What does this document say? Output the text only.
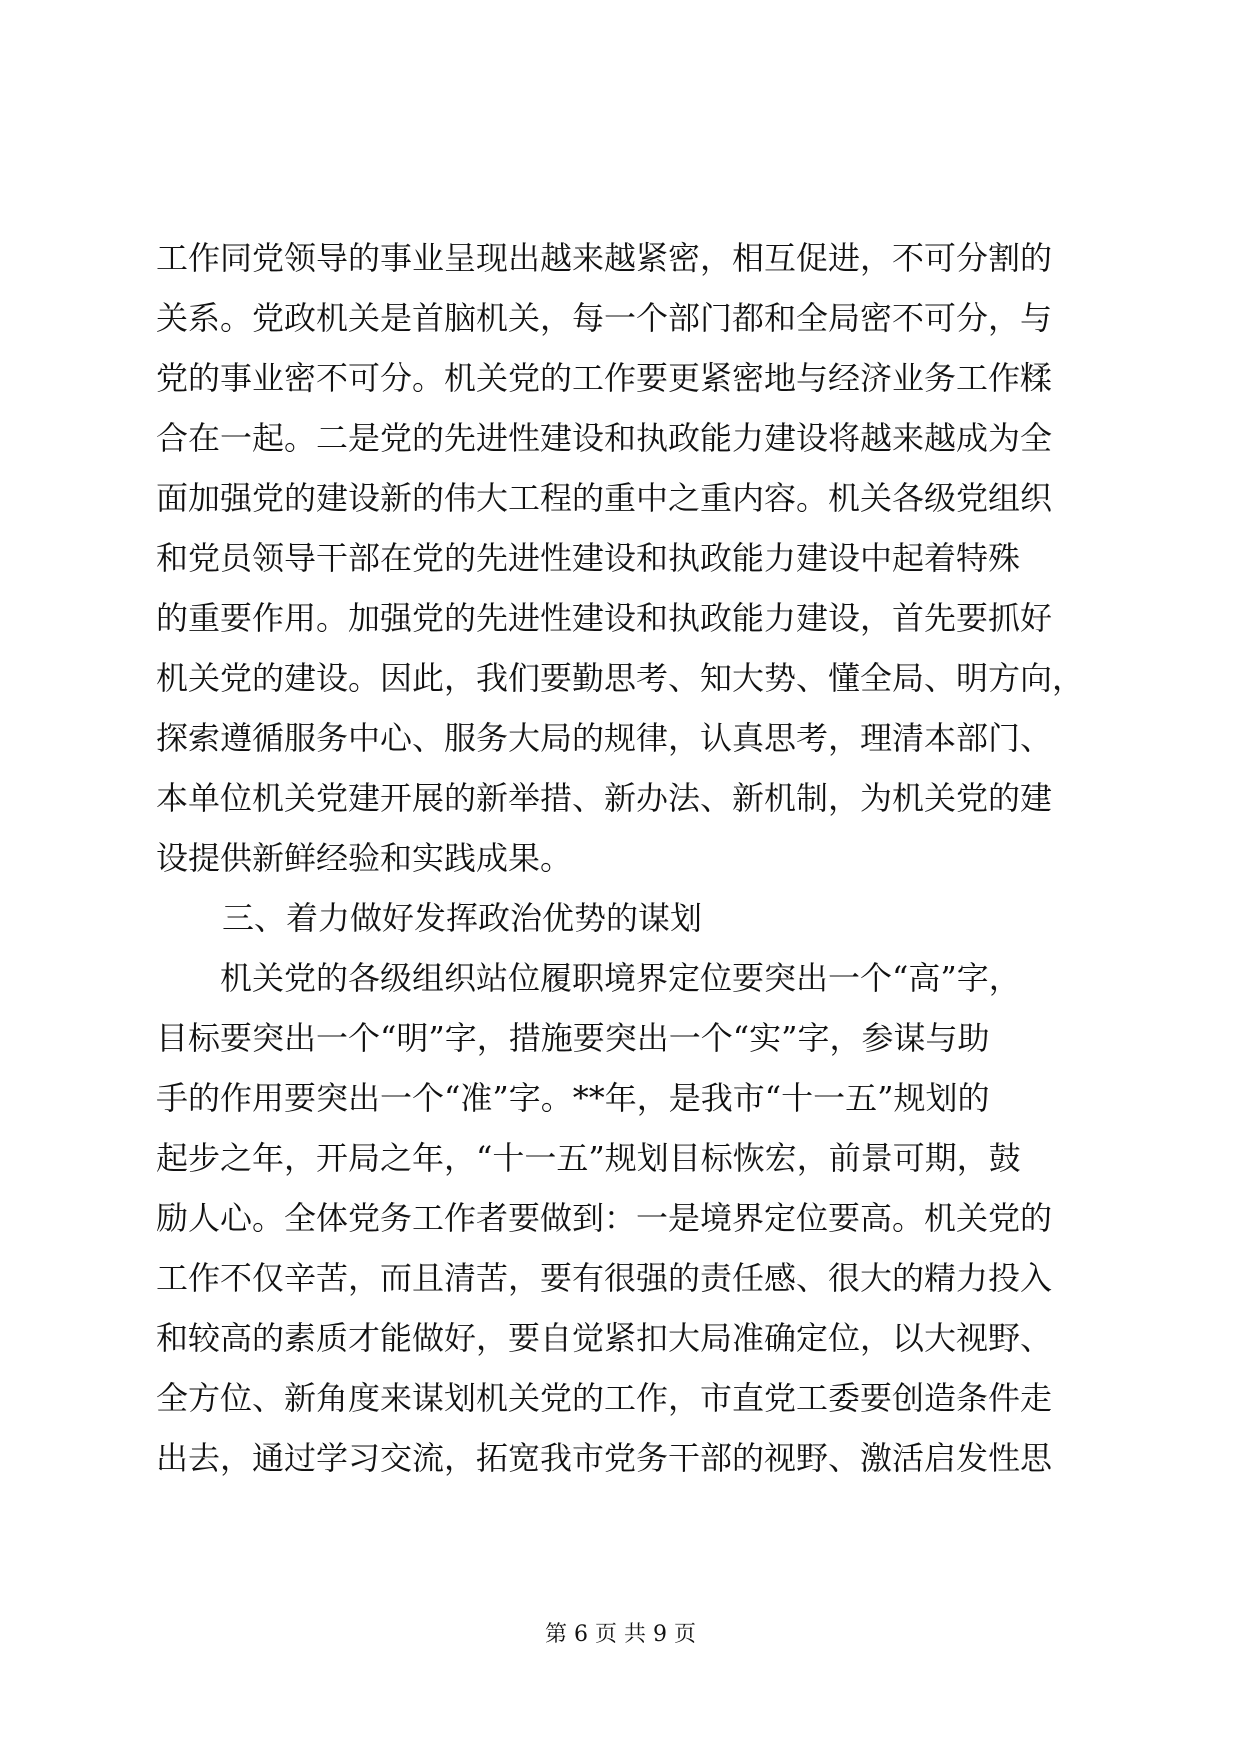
工作同党领导的事业呈现出越来越紧密，相互促进，不可分割的
关系。党政机关是首脑机关，每一个部门都和全局密不可分，与
党的事业密不可分。机关党的工作要更紧密地与经济业务工作糅
合在一起。二是党的先进性建设和执政能力建设将越来越成为全
面加强党的建设新的伟大工程的重中之重内容。机关各级党组织
和党员领导干部在党的先进性建设和执政能力建设中起着特殊
的重要作用。加强党的先进性建设和执政能力建设，首先要抓好
机关党的建设。因此，我们要勤思考、知大势、懂全局、明方向，
探索遵循服务中心、服务大局的规律，认真思考，理清本部门、
本单位机关党建开展的新举措、新办法、新机制，为机关党的建
设提供新鲜经验和实践成果。
三、着力做好发挥政治优势的谋划
机关党的各级组织站位履职境界定位要突出一个“高”字，
目标要突出一个“明”字，措施要突出一个“实”字，参谋与助
手的作用要突出一个“准”字。**年，是我市“十一五”规划的
起步之年，开局之年，“十一五”规划目标恢宏，前景可期，鼓
励人心。全体党务工作者要做到：一是境界定位要高。机关党的
工作不仅辛苦，而且清苦，要有很强的责任感、很大的精力投入
和较高的素质才能做好，要自觉紧扣大局准确定位，以大视野、
全方位、新角度来谋划机关党的工作，市直党工委要创造条件走
出去，通过学习交流，拓宽我市党务干部的视野、激活启发性思
第 6 页 共 9 页
